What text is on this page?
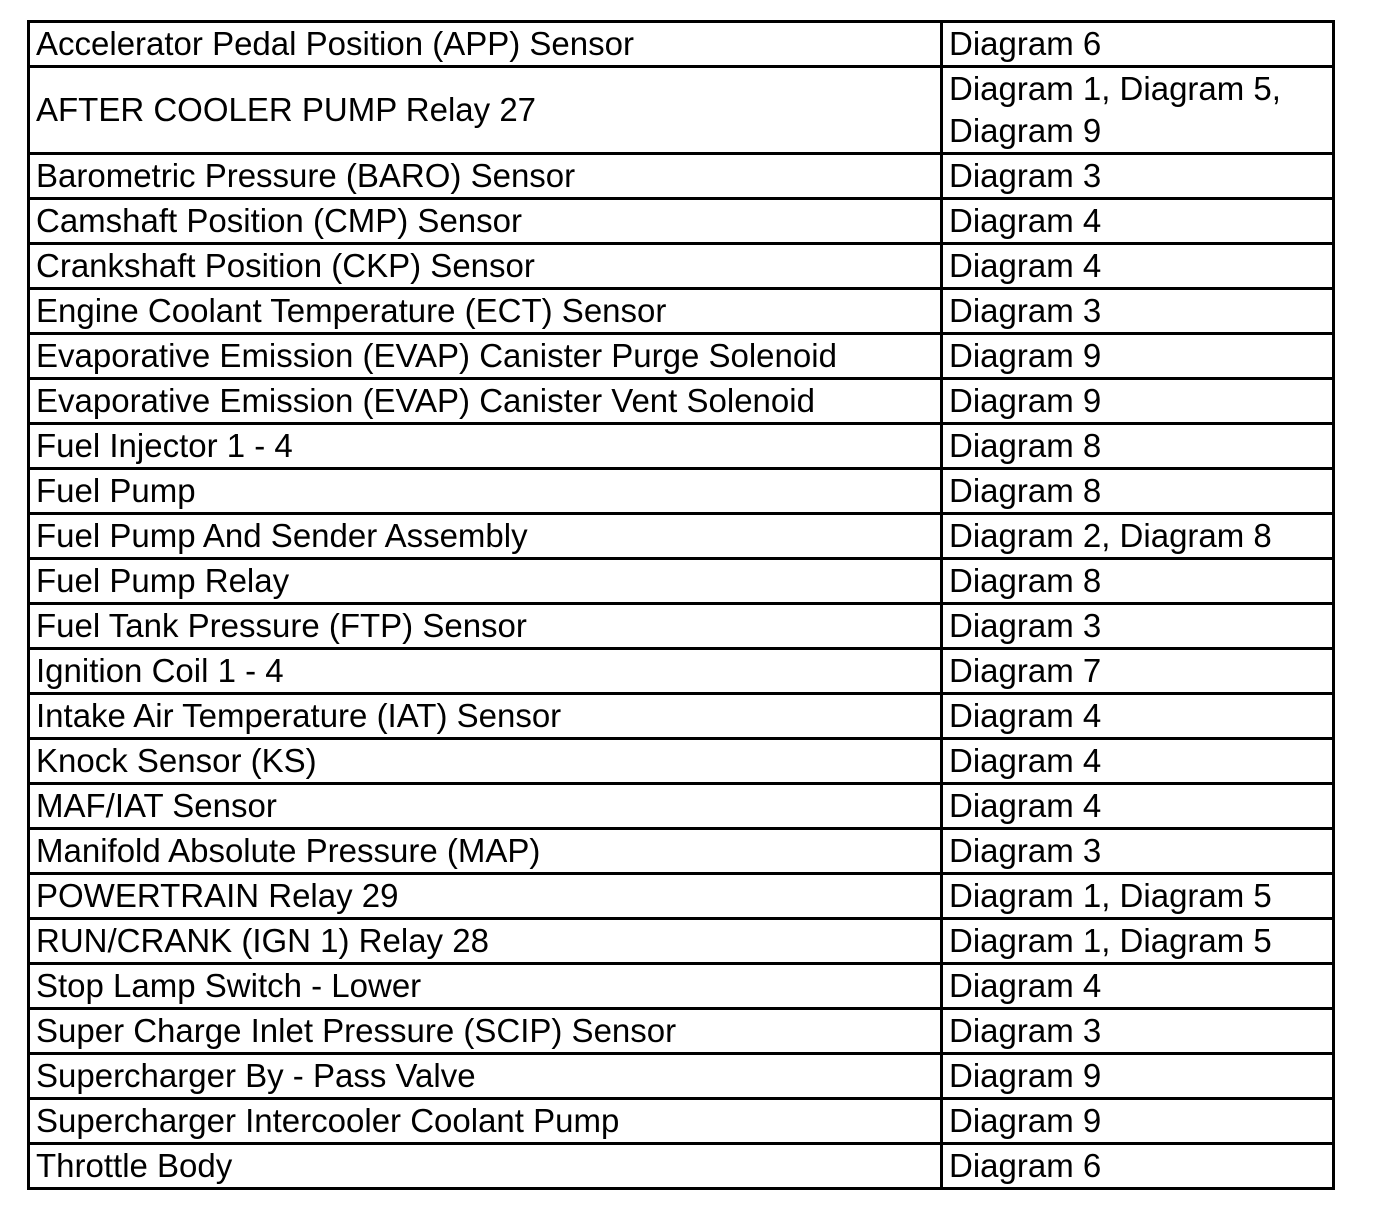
Accelerator Pedal Position (APP) Sensor	Diagram 6
AFTER COOLER PUMP Relay 27	Diagram 1, Diagram 5, Diagram 9
Barometric Pressure (BARO) Sensor	Diagram 3
Camshaft Position (CMP) Sensor	Diagram 4
Crankshaft Position (CKP) Sensor	Diagram 4
Engine Coolant Temperature (ECT) Sensor	Diagram 3
Evaporative Emission (EVAP) Canister Purge Solenoid	Diagram 9
Evaporative Emission (EVAP) Canister Vent Solenoid	Diagram 9
Fuel Injector 1 - 4	Diagram 8
Fuel Pump	Diagram 8
Fuel Pump And Sender Assembly	Diagram 2, Diagram 8
Fuel Pump Relay	Diagram 8
Fuel Tank Pressure (FTP) Sensor	Diagram 3
Ignition Coil 1 - 4	Diagram 7
Intake Air Temperature (IAT) Sensor	Diagram 4
Knock Sensor (KS)	Diagram 4
MAF/IAT Sensor	Diagram 4
Manifold Absolute Pressure (MAP)	Diagram 3
POWERTRAIN Relay 29	Diagram 1, Diagram 5
RUN/CRANK (IGN 1) Relay 28	Diagram 1, Diagram 5
Stop Lamp Switch - Lower	Diagram 4
Super Charge Inlet Pressure (SCIP) Sensor	Diagram 3
Supercharger By - Pass Valve	Diagram 9
Supercharger Intercooler Coolant Pump	Diagram 9
Throttle Body	Diagram 6
